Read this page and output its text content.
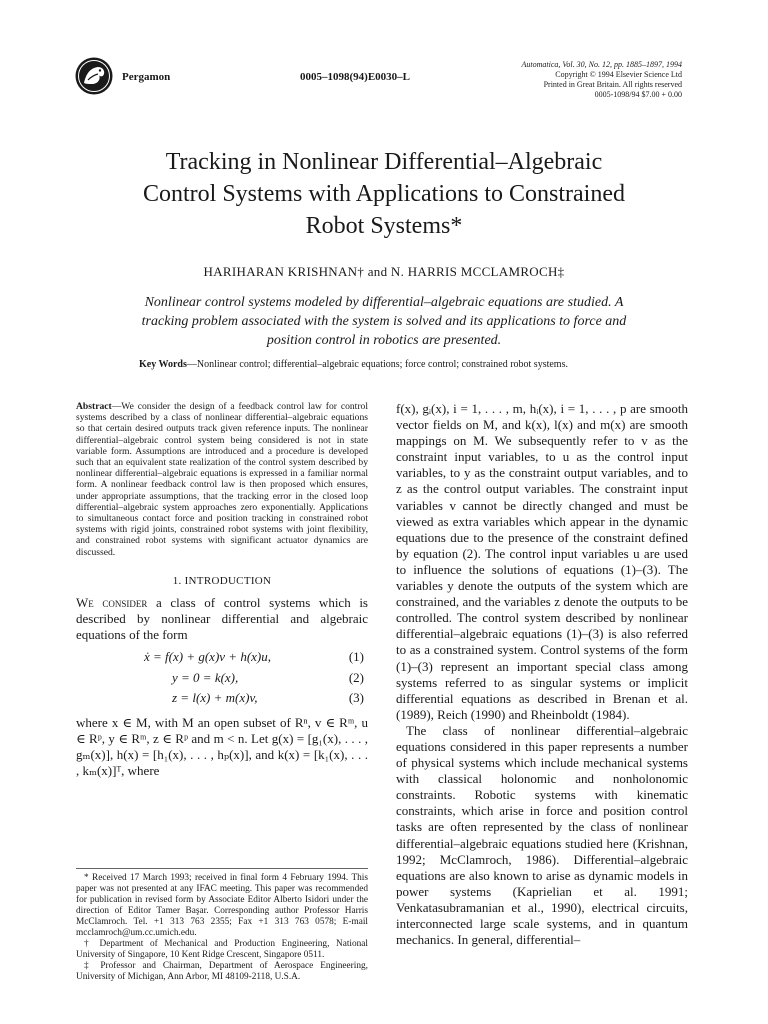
Pergamon	0005–1098(94)E0030–L
Automatica, Vol. 30, No. 12, pp. 1885–1897, 1994
Copyright © 1994 Elsevier Science Ltd
Printed in Great Britain. All rights reserved
0005-1098/94 $7.00 + 0.00
Tracking in Nonlinear Differential–Algebraic
Control Systems with Applications to Constrained
Robot Systems*
HARIHARAN KRISHNAN† and N. HARRIS MCCLAMROCH‡

Nonlinear control systems modeled by differential–algebraic equations are studied. A tracking problem associated with the system is solved and its applications to force and position control in robotics are presented.

Key Words—Nonlinear control; differential–algebraic equations; force control; constrained robot systems.

Abstract—We consider the design of a feedback control law for control systems described by a class of nonlinear differential–algebraic equations so that certain desired outputs track given reference inputs. The nonlinear differential–algebraic control system being considered is not in state variable form. Assumptions are introduced and a procedure is developed such that an equivalent state realization of the control system described by nonlinear differential–algebraic equations is expressed in a familiar normal form. A nonlinear feedback control law is then proposed which ensures, under appropriate assumptions, that the tracking error in the closed loop differential–algebraic system approaches zero exponentially. Applications to simultaneous contact force and position tracking in constrained robot systems with rigid joints, constrained robot systems with joint flexibility, and constrained robot systems with significant actuator dynamics are discussed.

1. INTRODUCTION

We consider a class of control systems which is described by nonlinear differential and algebraic equations of the form

ẋ = f(x) + g(x)v + h(x)u,	(1)
y = 0 = k(x),	(2)
z = l(x) + m(x)v,	(3)

where x ∈ M, with M an open subset of Rⁿ, v ∈ Rᵐ, u ∈ Rᵖ, y ∈ Rᵐ, z ∈ Rᵖ and m < n. Let g(x) = [g₁(x), . . . , gₘ(x)], h(x) = [h₁(x), . . . , hₚ(x)], and k(x) = [k₁(x), . . . , kₘ(x)]ᵀ, where

* Received 17 March 1993; received in final form 4 February 1994. This paper was not presented at any IFAC meeting. This paper was recommended for publication in revised form by Associate Editor Alberto Isidori under the direction of Editor Tamer Başar. Corresponding author Professor Harris McClamroch. Tel. +1 313 763 2355; Fax +1 313 763 0578; E-mail mcclamroch@um.cc.umich.edu.

† Department of Mechanical and Production Engineering, National University of Singapore, 10 Kent Ridge Crescent, Singapore 0511.

‡ Professor and Chairman, Department of Aerospace Engineering, University of Michigan, Ann Arbor, MI 48109-2118, U.S.A.

f(x), gᵢ(x), i = 1, . . . , m, hᵢ(x), i = 1, . . . , p are smooth vector fields on M, and k(x), l(x) and m(x) are smooth mappings on M. We subsequently refer to v as the constraint input variables, to u as the control input variables, to y as the constraint output variables, and to z as the control output variables. The constraint input variables v cannot be directly changed and must be viewed as extra variables which appear in the dynamic equations due to the presence of the constraint defined by equation (2). The control input variables u are used to influence the solutions of equations (1)–(3). The variables y denote the outputs of the system which are constrained, and the variables z denote the outputs to be controlled. The control system described by nonlinear differential–algebraic equations (1)–(3) is also referred to as a constrained system. Control systems of the form (1)–(3) represent an important special class among systems referred to as singular systems or implicit differential equations as described in Brenan et al. (1989), Reich (1990) and Rheinboldt (1984).

The class of nonlinear differential–algebraic equations considered in this paper represents a number of physical systems which include mechanical systems with classical holonomic and nonholonomic constraints. Robotic systems with kinematic constraints, which arise in force and position control tasks are often represented by the class of nonlinear differential–algebraic equations studied here (Krishnan, 1992; McClamroch, 1986). Differential–algebraic equations are also known to arise as dynamic models in power systems (Kaprielian et al. 1991; Venkatasubramanian et al., 1990), electrical circuits, interconnected large scale systems, and in quantum mechanics. In general, differential–
